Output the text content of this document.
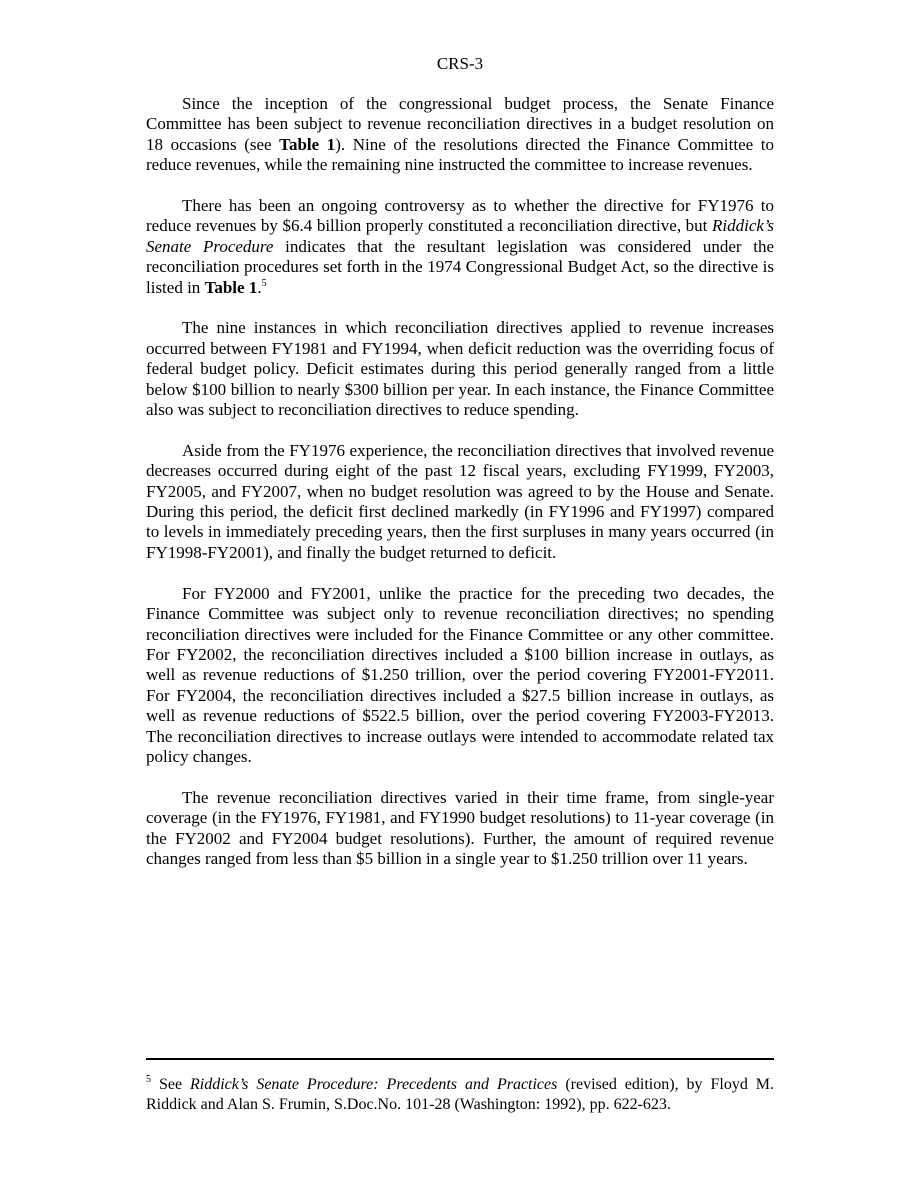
CRS-3

Since the inception of the congressional budget process, the Senate Finance Committee has been subject to revenue reconciliation directives in a budget resolution on 18 occasions (see Table 1). Nine of the resolutions directed the Finance Committee to reduce revenues, while the remaining nine instructed the committee to increase revenues.

There has been an ongoing controversy as to whether the directive for FY1976 to reduce revenues by $6.4 billion properly constituted a reconciliation directive, but Riddick’s Senate Procedure indicates that the resultant legislation was considered under the reconciliation procedures set forth in the 1974 Congressional Budget Act, so the directive is listed in Table 1.$^5$

The nine instances in which reconciliation directives applied to revenue increases occurred between FY1981 and FY1994, when deficit reduction was the overriding focus of federal budget policy. Deficit estimates during this period generally ranged from a little below $100 billion to nearly $300 billion per year. In each instance, the Finance Committee also was subject to reconciliation directives to reduce spending.

Aside from the FY1976 experience, the reconciliation directives that involved revenue decreases occurred during eight of the past 12 fiscal years, excluding FY1999, FY2003, FY2005, and FY2007, when no budget resolution was agreed to by the House and Senate. During this period, the deficit first declined markedly (in FY1996 and FY1997) compared to levels in immediately preceding years, then the first surpluses in many years occurred (in FY1998-FY2001), and finally the budget returned to deficit.

For FY2000 and FY2001, unlike the practice for the preceding two decades, the Finance Committee was subject only to revenue reconciliation directives; no spending reconciliation directives were included for the Finance Committee or any other committee. For FY2002, the reconciliation directives included a $100 billion increase in outlays, as well as revenue reductions of $1.250 trillion, over the period covering FY2001-FY2011. For FY2004, the reconciliation directives included a $27.5 billion increase in outlays, as well as revenue reductions of $522.5 billion, over the period covering FY2003-FY2013. The reconciliation directives to increase outlays were intended to accommodate related tax policy changes.

The revenue reconciliation directives varied in their time frame, from single-year coverage (in the FY1976, FY1981, and FY1990 budget resolutions) to 11-year coverage (in the FY2002 and FY2004 budget resolutions). Further, the amount of required revenue changes ranged from less than $5 billion in a single year to $1.250 trillion over 11 years.

$^5$ See Riddick’s Senate Procedure: Precedents and Practices (revised edition), by Floyd M. Riddick and Alan S. Frumin, S.Doc.No. 101-28 (Washington: 1992), pp. 622-623.
